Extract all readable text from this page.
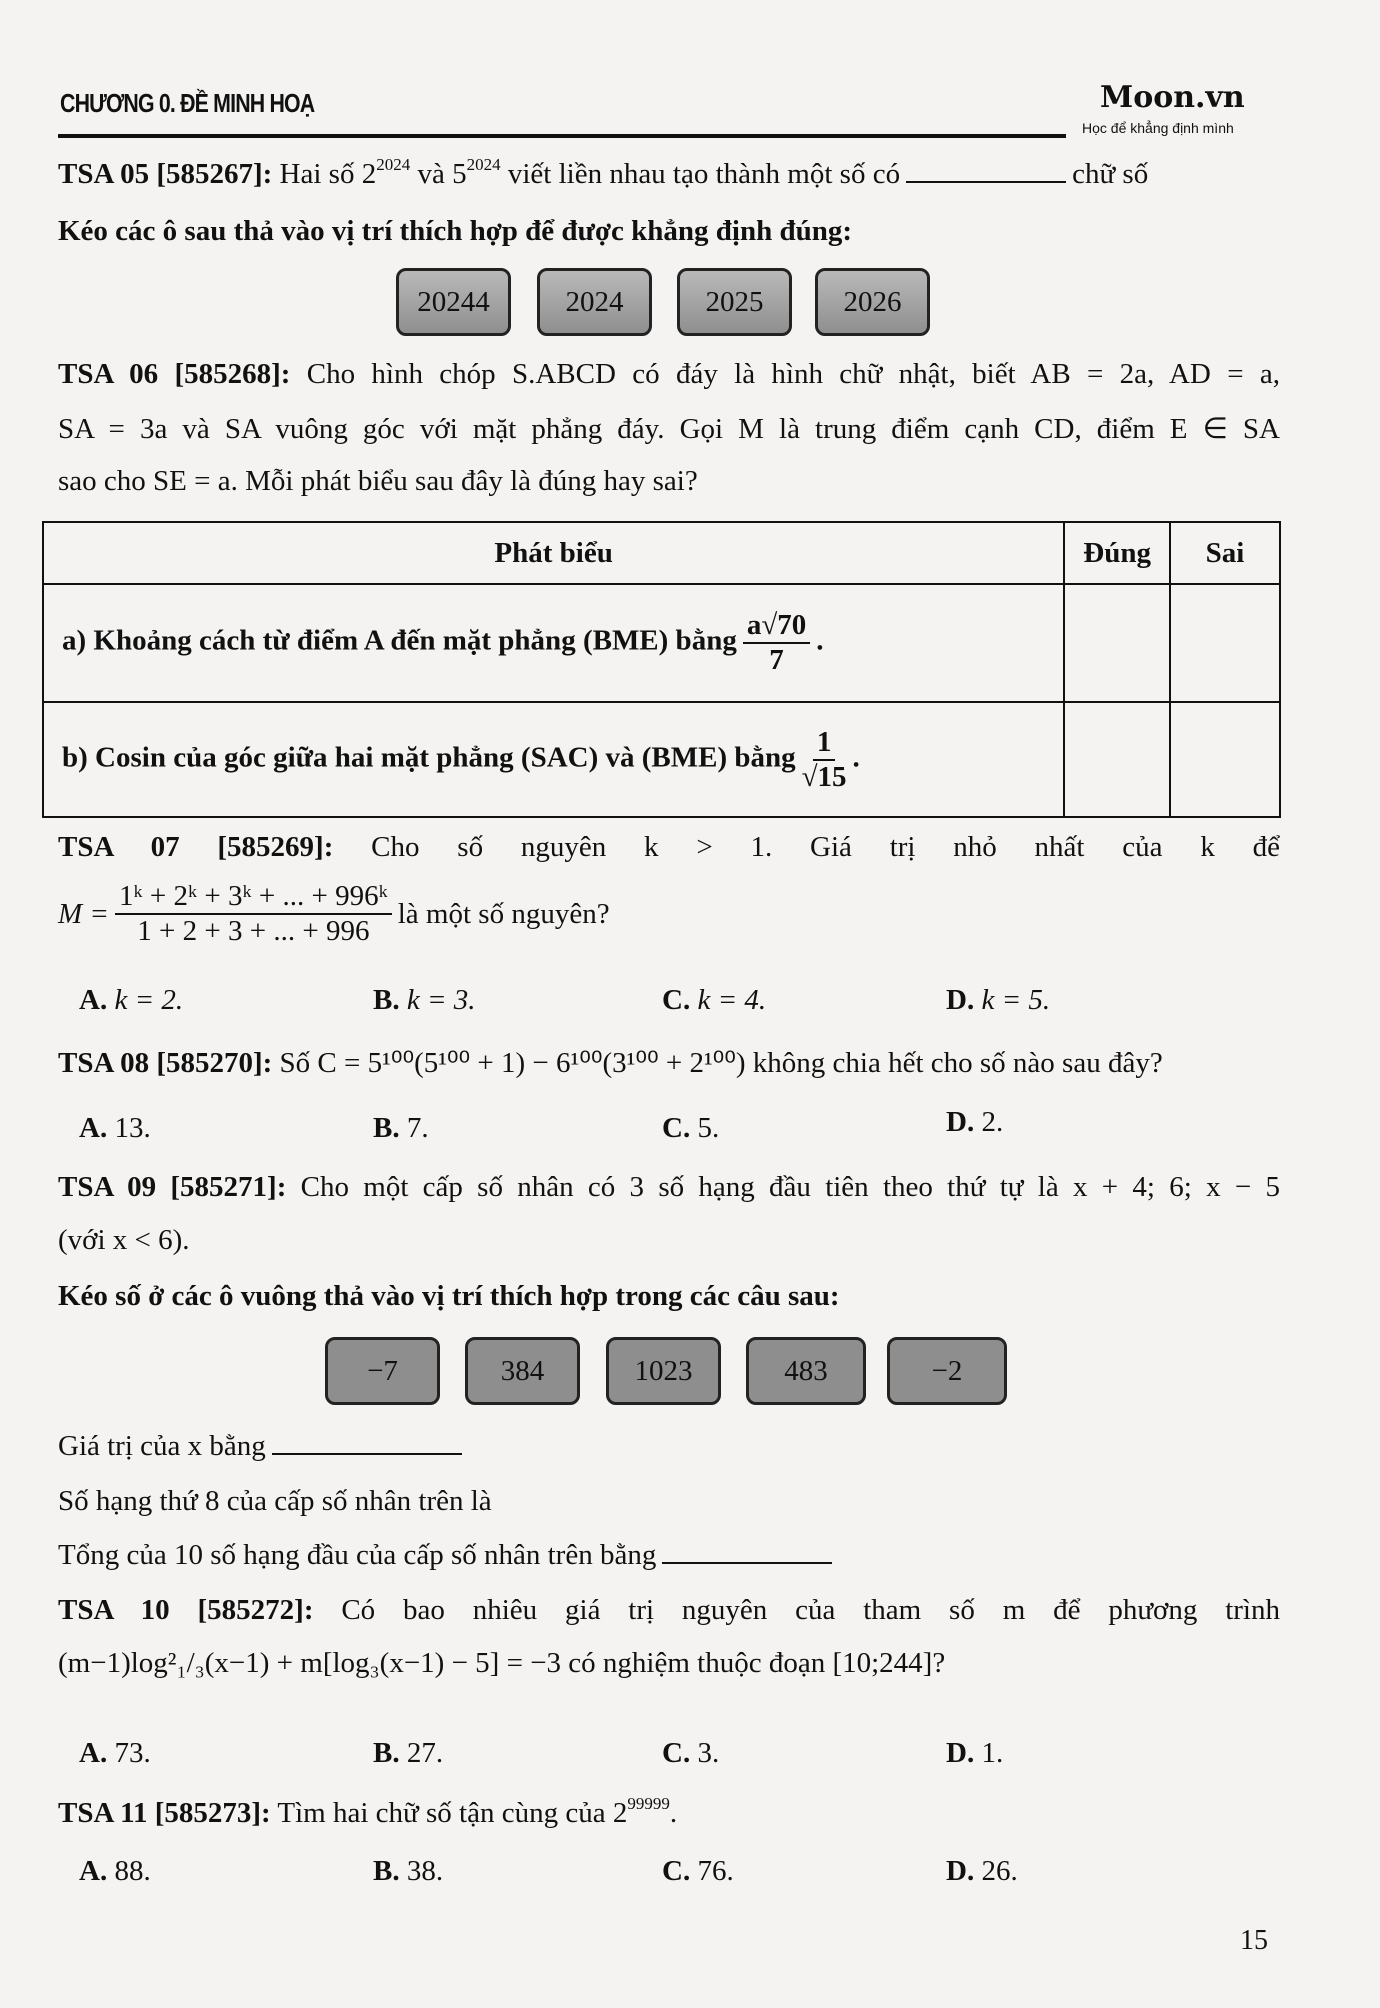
CHƯƠNG 0. ĐỀ MINH HOẠ	Moon.vn
Học để khẳng định mình
TSA 05 [585267]: Hai số $2^{2024}$ và $5^{2024}$ viết liền nhau tạo thành một số có	chữ số
Kéo các ô sau thả vào vị trí thích hợp để được khẳng định đúng:
20244	2024	2025	2026
TSA 06 [585268]: Cho hình chóp S.ABCD có đáy là hình chữ nhật, biết AB = 2a, AD = a,
SA = 3a và SA vuông góc với mặt phẳng đáy. Gọi M là trung điểm cạnh CD, điểm E ∈ SA
sao cho SE = a. Mỗi phát biểu sau đây là đúng hay sai?
Phát biểu	Đúng	Sai
a) Khoảng cách từ điểm A đến mặt phẳng (BME) bằng $\frac{a√70}{7}$ .		
b) Cosin của góc giữa hai mặt phẳng (SAC) và (BME) bằng $\frac{1}{√15}$ .		
TSA 07 [585269]: Cho số nguyên k > 1. Giá trị nhỏ nhất của k để
$M = \frac{\text{1ᵏ + 2ᵏ + 3ᵏ + ... + 996ᵏ}}{1 + 2 + 3 + ... + 996}$ là một số nguyên?
A. k = 2.	B. k = 3.	C. k = 4.	D. k = 5.
TSA 08 [585270]: Số C = 5¹⁰⁰(5¹⁰⁰ + 1) − 6¹⁰⁰(3¹⁰⁰ + 2¹⁰⁰) không chia hết cho số nào sau đây?
A. 13.	B. 7.	C. 5.	D. 2.
TSA 09 [585271]: Cho một cấp số nhân có 3 số hạng đầu tiên theo thứ tự là x + 4; 6; x − 5
(với x < 6).
Kéo số ở các ô vuông thả vào vị trí thích hợp trong các câu sau:
−7	384	1023	483	−2
Giá trị của x bằng
Số hạng thứ 8 của cấp số nhân trên là
Tổng của 10 số hạng đầu của cấp số nhân trên bằng
TSA 10 [585272]: Có bao nhiêu giá trị nguyên của tham số m để phương trình
(m−1)log²₁/₃(x−1) + m[log₃(x−1) − 5] = −3 có nghiệm thuộc đoạn [10;244]?
A. 73.	B. 27.	C. 3.	D. 1.
TSA 11 [585273]: Tìm hai chữ số tận cùng của $2^{99999}$.
A. 88.	B. 38.	C. 76.	D. 26.
15
